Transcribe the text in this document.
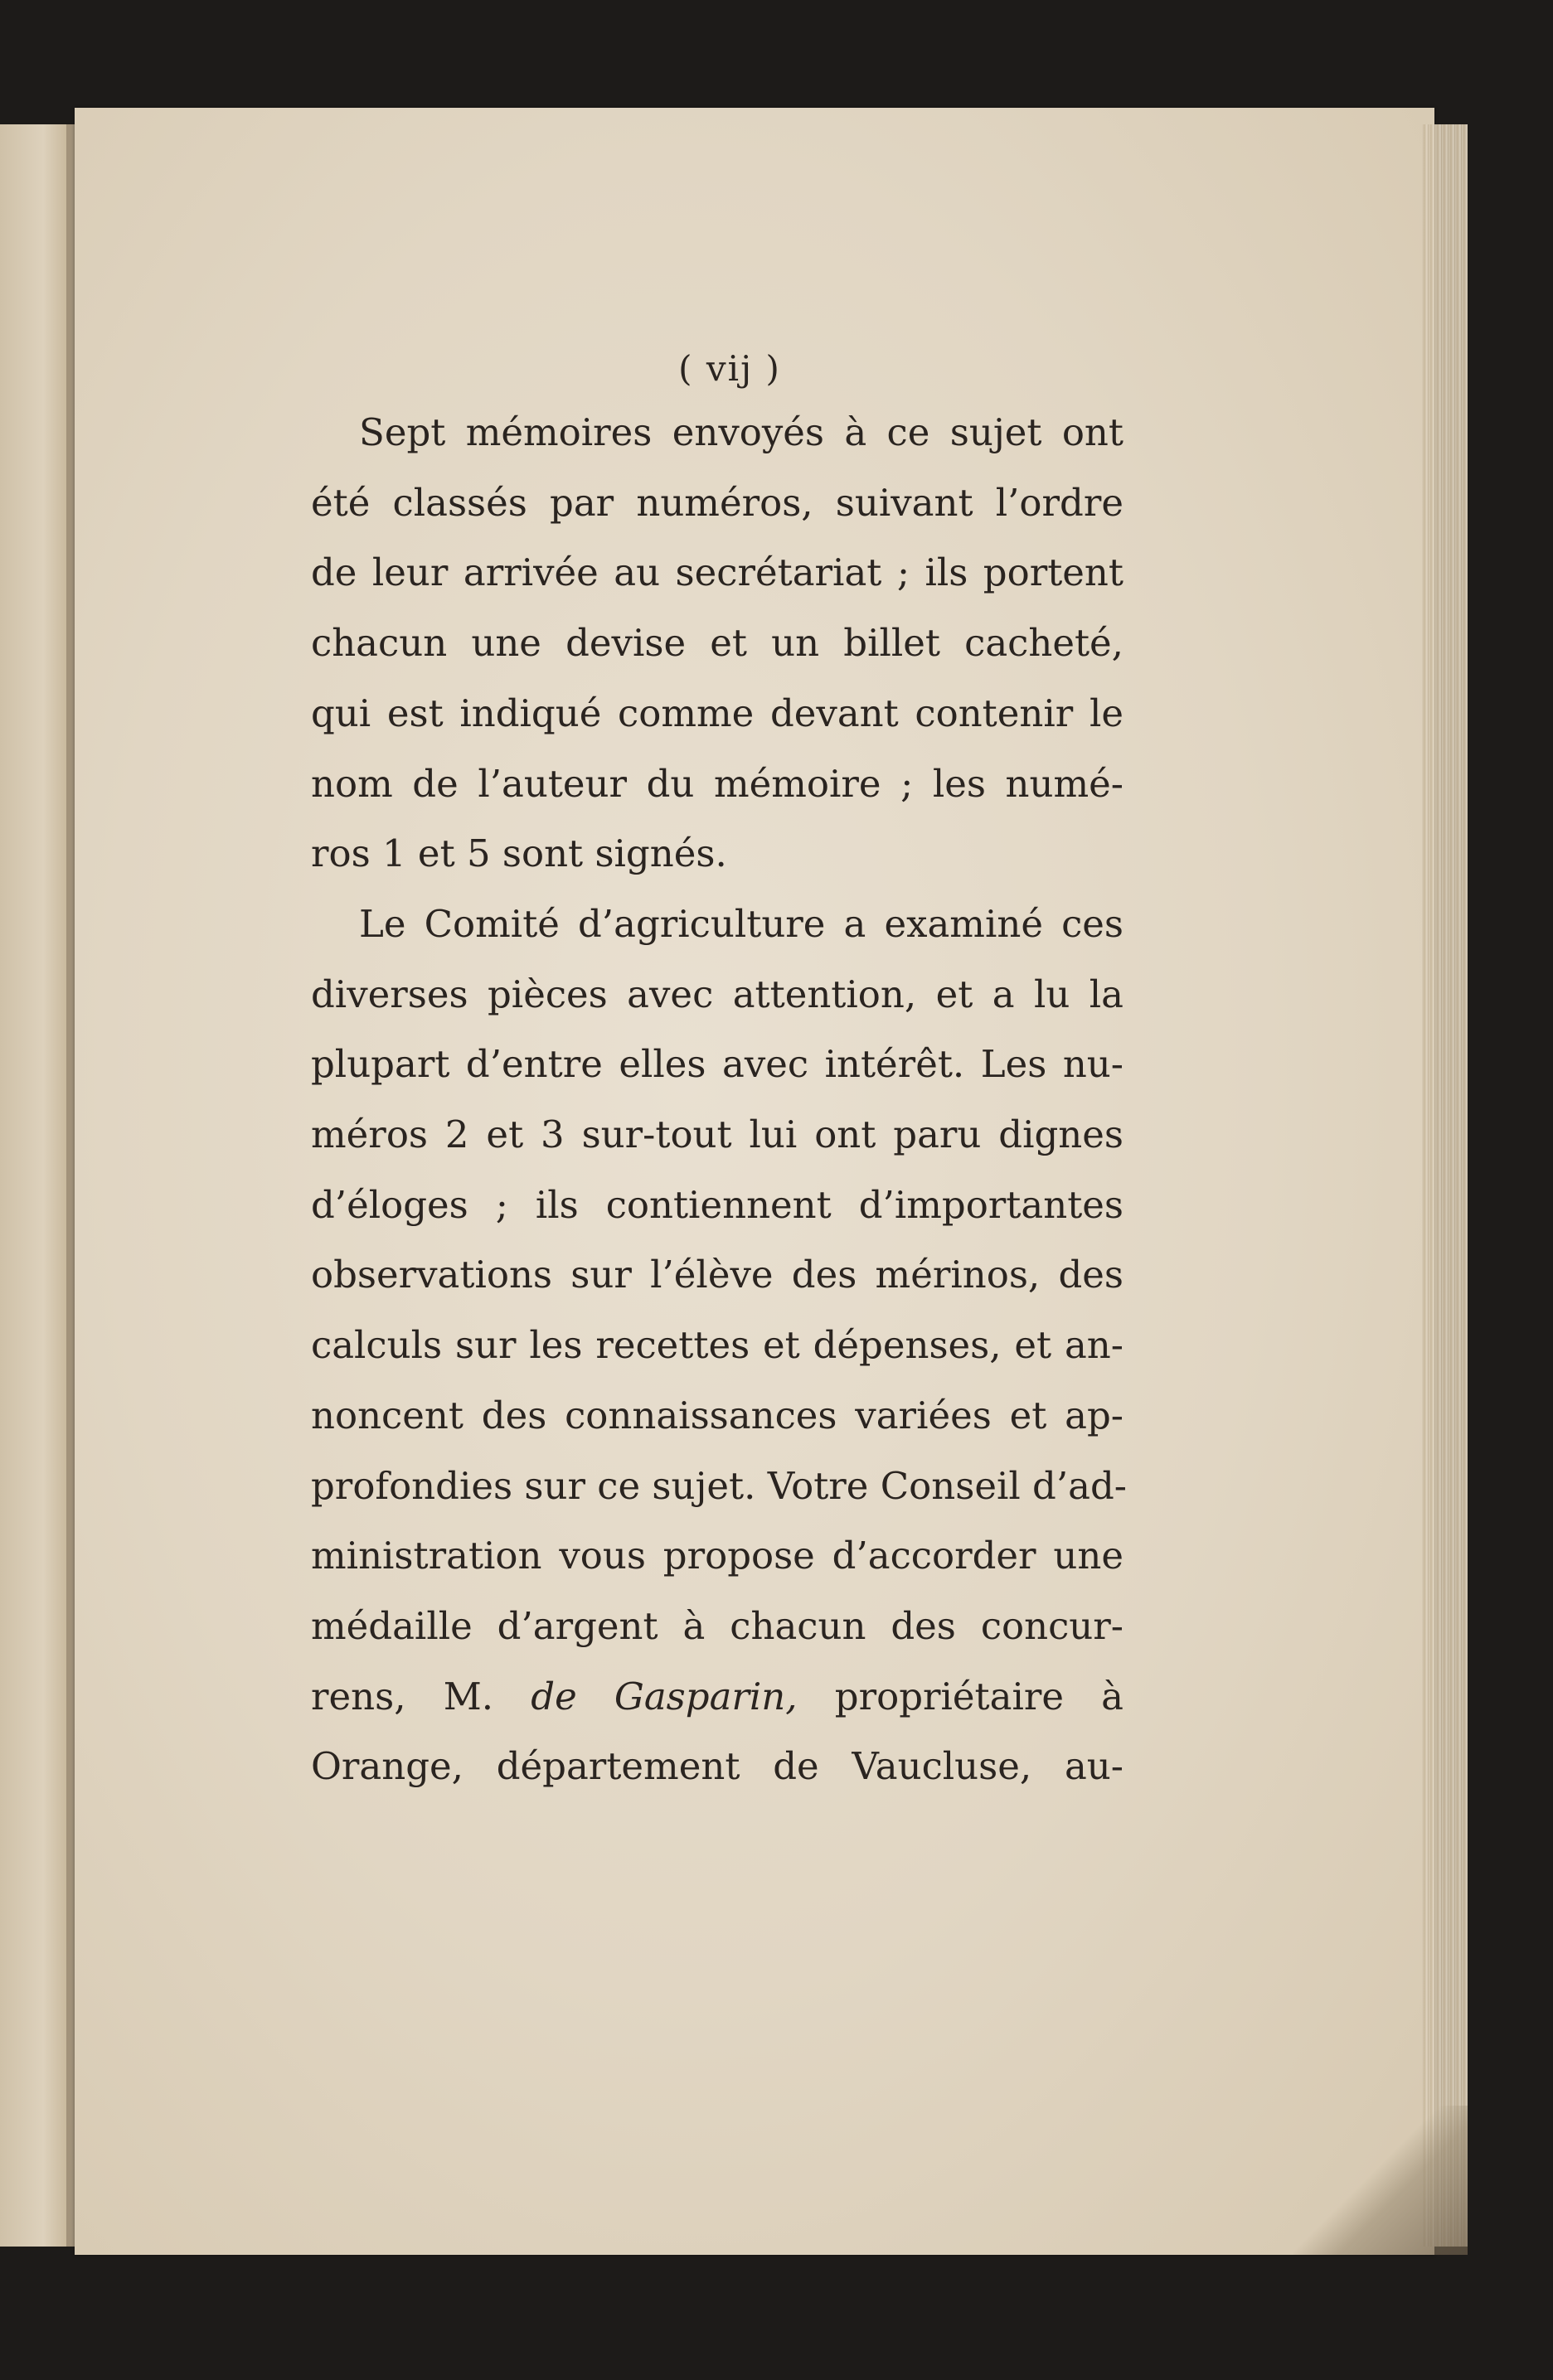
( vij )
Sept mémoires envoyés à ce sujet ont
été classés par numéros, suivant l’ordre
de leur arrivée au secrétariat ; ils portent
chacun une devise et un billet cacheté,
qui est indiqué comme devant contenir le
nom de l’auteur du mémoire ; les numé-
ros 1 et 5 sont signés.
Le Comité d’agriculture a examiné ces
diverses pièces avec attention, et a lu la
plupart d’entre elles avec intérêt. Les nu-
méros 2 et 3 sur-tout lui ont paru dignes
d’éloges ; ils contiennent d’importantes
observations sur l’élève des mérinos, des
calculs sur les recettes et dépenses, et an-
noncent des connaissances variées et ap-
profondies sur ce sujet. Votre Conseil d’ad-
ministration vous propose d’accorder une
médaille d’argent à chacun des concur-
rens, M. de Gasparin, propriétaire à
Orange, département de Vaucluse, au-
